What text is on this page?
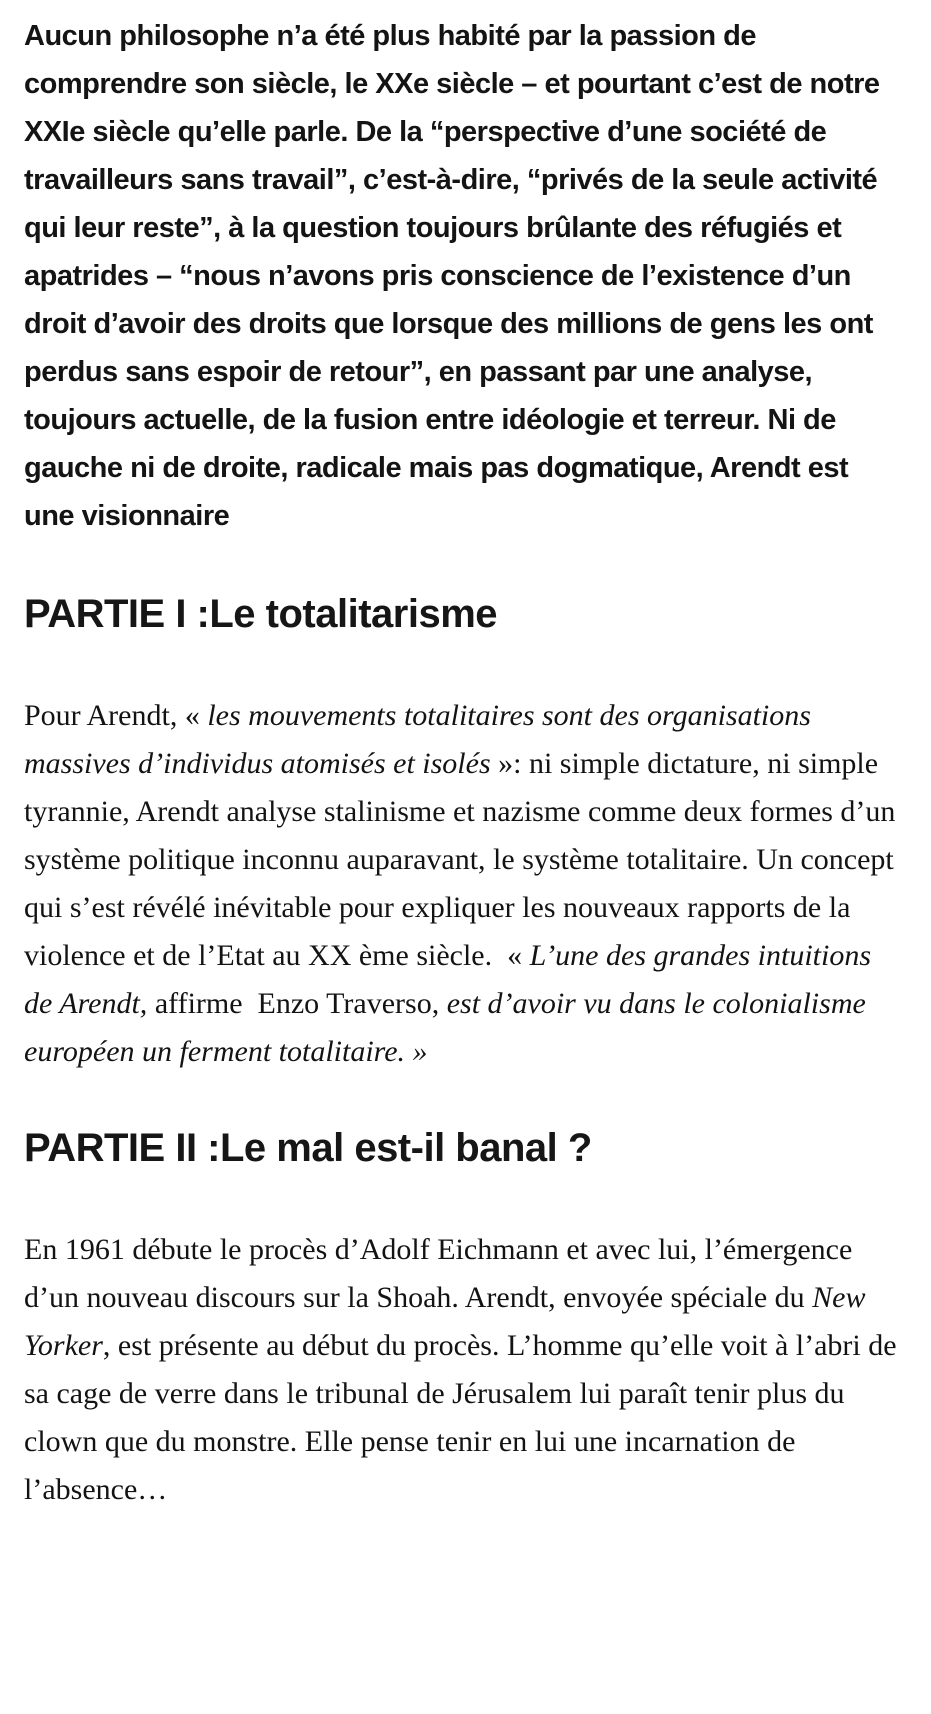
Aucun philosophe n’a été plus habité par la passion de comprendre son siècle, le XXe siècle – et pourtant c’est de notre XXIe siècle qu’elle parle. De la “perspective d’une société de travailleurs sans travail”, c’est-à-dire, “privés de la seule activité qui leur reste”, à la question toujours brûlante des réfugiés et apatrides – “nous n’avons pris conscience de l’existence d’un droit d’avoir des droits que lorsque des millions de gens les ont perdus sans espoir de retour”, en passant par une analyse, toujours actuelle, de la fusion entre idéologie et terreur. Ni de gauche ni de droite, radicale mais pas dogmatique, Arendt est une visionnaire

PARTIE I :Le totalitarisme

Pour Arendt, « les mouvements totalitaires sont des organisations massives d’individus atomisés et isolés »: ni simple dictature, ni simple tyrannie, Arendt analyse stalinisme et nazisme comme deux formes d’un système politique inconnu auparavant, le système totalitaire. Un concept qui s’est révélé inévitable pour expliquer les nouveaux rapports de la violence et de l’Etat au XX ème siècle.  « L’une des grandes intuitions de Arendt, affirme  Enzo Traverso, est d’avoir vu dans le colonialisme européen un ferment totalitaire. »

PARTIE II :Le mal est-il banal ?

En 1961 débute le procès d’Adolf Eichmann et avec lui, l’émergence d’un nouveau discours sur la Shoah. Arendt, envoyée spéciale du New Yorker, est présente au début du procès. L’homme qu’elle voit à l’abri de sa cage de verre dans le tribunal de Jérusalem lui paraît tenir plus du clown que du monstre. Elle pense tenir en lui une incarnation de l’absence…
